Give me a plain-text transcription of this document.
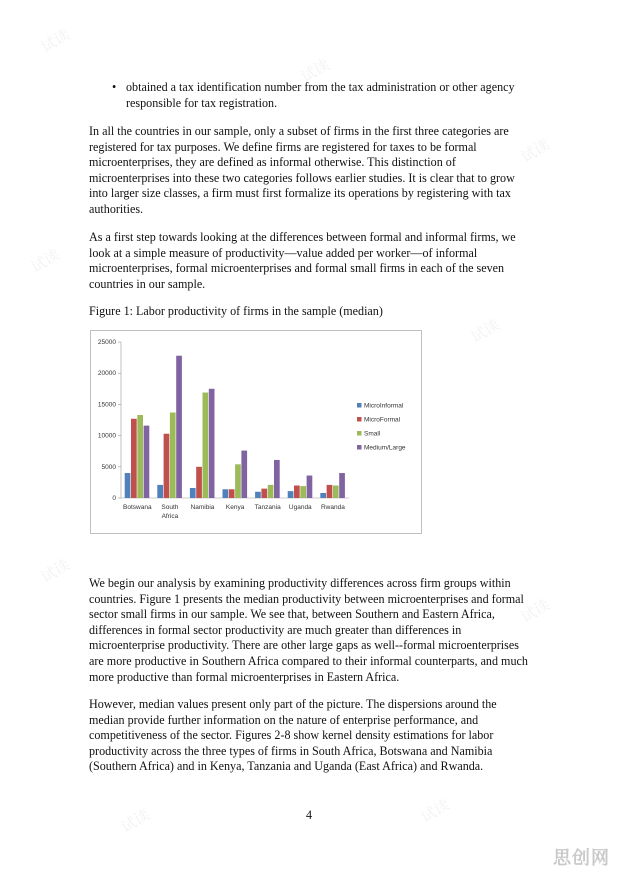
试读
试读
试读
试读
试读
试读
试读
试读	试读
• obtained a tax identification number from the tax administration or other agency responsible for tax registration.

In all the countries in our sample, only a subset of firms in the first three categories are registered for tax purposes. We define firms are registered for taxes to be formal microenterprises, they are defined as informal otherwise. This distinction of microenterprises into these two categories follows earlier studies. It is clear that to grow into larger size classes, a firm must first formalize its operations by registering with tax authorities.

As a first step towards looking at the differences between formal and informal firms, we look at a simple measure of productivity—value added per worker—of informal microenterprises, formal microenterprises and formal small firms in each of the seven countries in our sample.

Figure 1: Labor productivity of firms in the sample (median)
0
5000
10000
15000
20000
25000
Botswana South
Africa
Namibia Kenya Tanzania Uganda Rwanda
MicroInformal
MicroFormal
Small
Medium/Large

We begin our analysis by examining productivity differences across firm groups within countries. Figure 1 presents the median productivity between microenterprises and formal sector small firms in our sample. We see that, between Southern and Eastern Africa, differences in formal sector productivity are much greater than differences in microenterprise productivity. There are other large gaps as well--formal microenterprises are more productive in Southern Africa compared to their informal counterparts, and much more productive than formal microenterprises in Eastern Africa.

However, median values present only part of the picture. The dispersions around the median provide further information on the nature of enterprise performance, and competitiveness of the sector. Figures 2-8 show kernel density estimations for labor productivity across the three types of firms in South Africa, Botswana and Namibia (Southern Africa) and in Kenya, Tanzania and Uganda (East Africa) and Rwanda.

4
思创网
